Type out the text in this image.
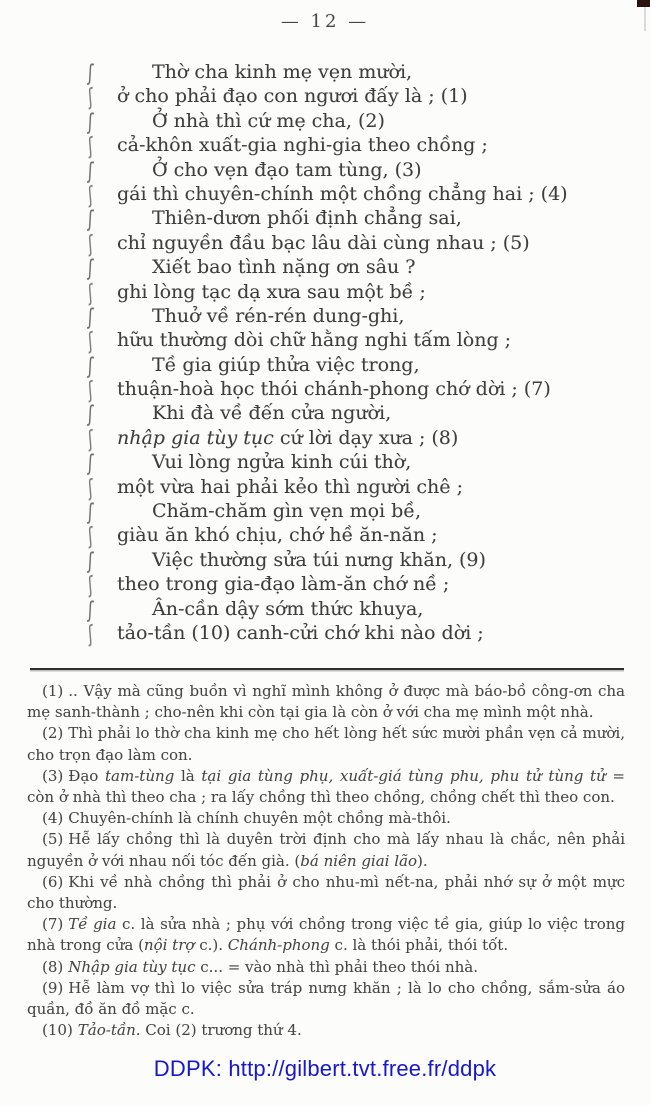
— 12 —
ʃ	Thờ cha kinh mẹ vẹn mười,
ʃ ở cho phải đạo con ngươi đấy là ; (1)
ʃ	Ở nhà thì cứ mẹ cha, (2)
ʃ cả-khôn xuất-gia nghi-gia theo chồng ;
ʃ	Ở cho vẹn đạo tam tùng, (3)
ʃ gái thì chuyên-chính một chồng chẳng hai ; (4)
ʃ	Thiên-dươn phối định chẳng sai,
ʃ chỉ nguyền đầu bạc lâu dài cùng nhau ; (5)
ʃ	Xiết bao tình nặng ơn sâu ?
ʃ ghi lòng tạc dạ xưa sau một bề ;
ʃ	Thuở về rén-rén dung-ghi,
ʃ hữu thường dòi chữ hằng nghi tấm lòng ;
ʃ	Tề gia giúp thửa việc trong,
ʃ thuận-hoà học thói chánh-phong chớ dời ; (7)
ʃ	Khi đà về đến cửa người,
ʃ nhập gia tùy tục cứ lời dạy xưa ; (8)
ʃ	Vui lòng ngửa kinh cúi thờ,
ʃ một vừa hai phải kẻo thì người chê ;
ʃ	Chăm-chăm gìn vẹn mọi bề,
ʃ giàu ăn khó chịu, chớ hề ăn-năn ;
ʃ	Việc thường sửa túi nưng khăn, (9)
ʃ theo trong gia-đạo làm-ăn chớ nề ;
ʃ	Ân-cần dậy sớm thức khuya,
ʃ tảo-tần (10) canh-cửi chớ khi nào dời ;

(1) .. Vậy mà cũng buồn vì nghĩ mình không ở được mà báo-bồ công-ơn cha mẹ sanh-thành ; cho-nên khi còn tại gia là còn ở với cha mẹ mình một nhà.

(2) Thì phải lo thờ cha kinh mẹ cho hết lòng hết sức mười phần vẹn cả mười, cho trọn đạo làm con.

(3) Đạo tam-tùng là tại gia tùng phụ, xuất-giá tùng phu, phu tử tùng tử = còn ở nhà thì theo cha ; ra lấy chồng thì theo chồng, chồng chết thì theo con.

(4) Chuyên-chính là chính chuyên một chồng mà-thôi.

(5) Hễ lấy chồng thì là duyên trời định cho mà lấy nhau là chắc, nên phải nguyền ở với nhau nối tóc đến già. (bá niên giai lão).

(6) Khi về nhà chồng thì phải ở cho nhu-mì nết-na, phải nhớ sự ở một mực cho thường.

(7) Tề gia c. là sửa nhà ; phụ với chồng trong việc tề gia, giúp lo việc trong nhà trong cửa (nội trợ c.). Chánh-phong c. là thói phải, thói tốt.

(8) Nhập gia tùy tục c... = vào nhà thì phải theo thói nhà.

(9) Hễ làm vợ thì lo việc sửa tráp nưng khăn ; là lo cho chồng, sắm-sửa áo quần, đồ ăn đồ mặc c.

(10) Tảo-tần. Coi (2) trương thứ 4.

DDPK: http://gilbert.tvt.free.fr/ddpk
